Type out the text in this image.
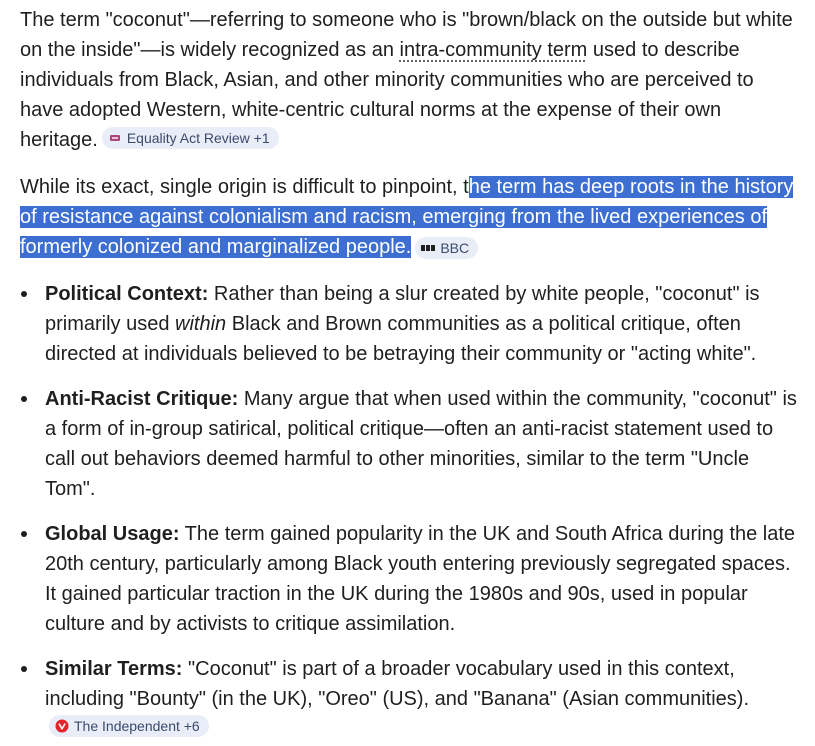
The term "coconut"—referring to someone who is "brown/black on the outside but white on the inside"—is widely recognized as an intra-community term used to describe individuals from Black, Asian, and other minority communities who are perceived to have adopted Western, white-centric cultural norms at the expense of their own heritage. Equality Act Review +1

While its exact, single origin is difficult to pinpoint, the term has deep roots in the history of resistance against colonialism and racism, emerging from the lived experiences of formerly colonized and marginalized people. BBC

Political Context: Rather than being a slur created by white people, "coconut" is primarily used within Black and Brown communities as a political critique, often directed at individuals believed to be betraying their community or "acting white".
Anti-Racist Critique: Many argue that when used within the community, "coconut" is a form of in-group satirical, political critique—often an anti-racist statement used to call out behaviors deemed harmful to other minorities, similar to the term "Uncle Tom".
Global Usage: The term gained popularity in the UK and South Africa during the late 20th century, particularly among Black youth entering previously segregated spaces. It gained particular traction in the UK during the 1980s and 90s, used in popular culture and by activists to critique assimilation.
Similar Terms: "Coconut" is part of a broader vocabulary used in this context, including "Bounty" (in the UK), "Oreo" (US), and "Banana" (Asian communities).
The Independent +6
